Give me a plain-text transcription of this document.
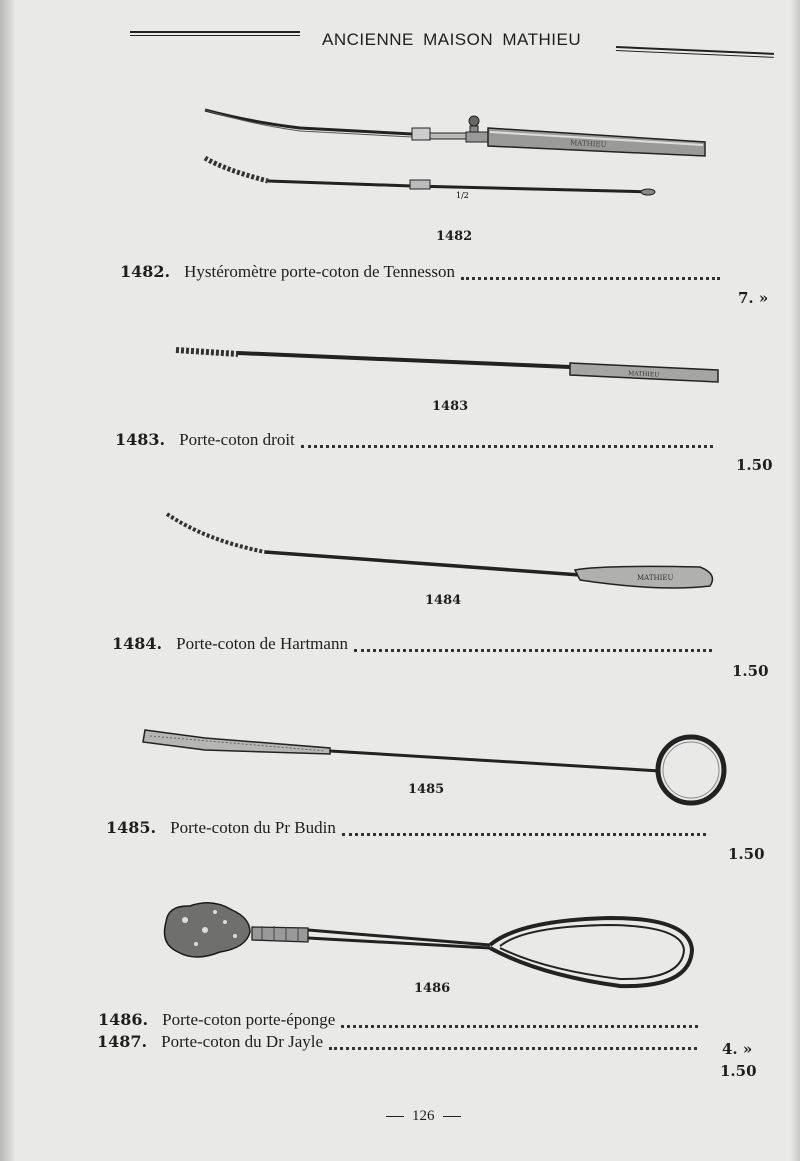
ANCIENNE MAISON MATHIEU
MATHIEU
1/2
1482
1482. Hystéromètre porte-coton de Tennesson
7. »
MATHIEU
1483
1483. Porte-coton droit
1.50
MATHIEU
1484
1484. Porte-coton de Hartmann
1.50
1485
1485. Porte-coton du Pr Budin
1.50
1486
1486. Porte-coton porte-éponge
4. »
1487. Porte-coton du Dr Jayle
1.50
126
